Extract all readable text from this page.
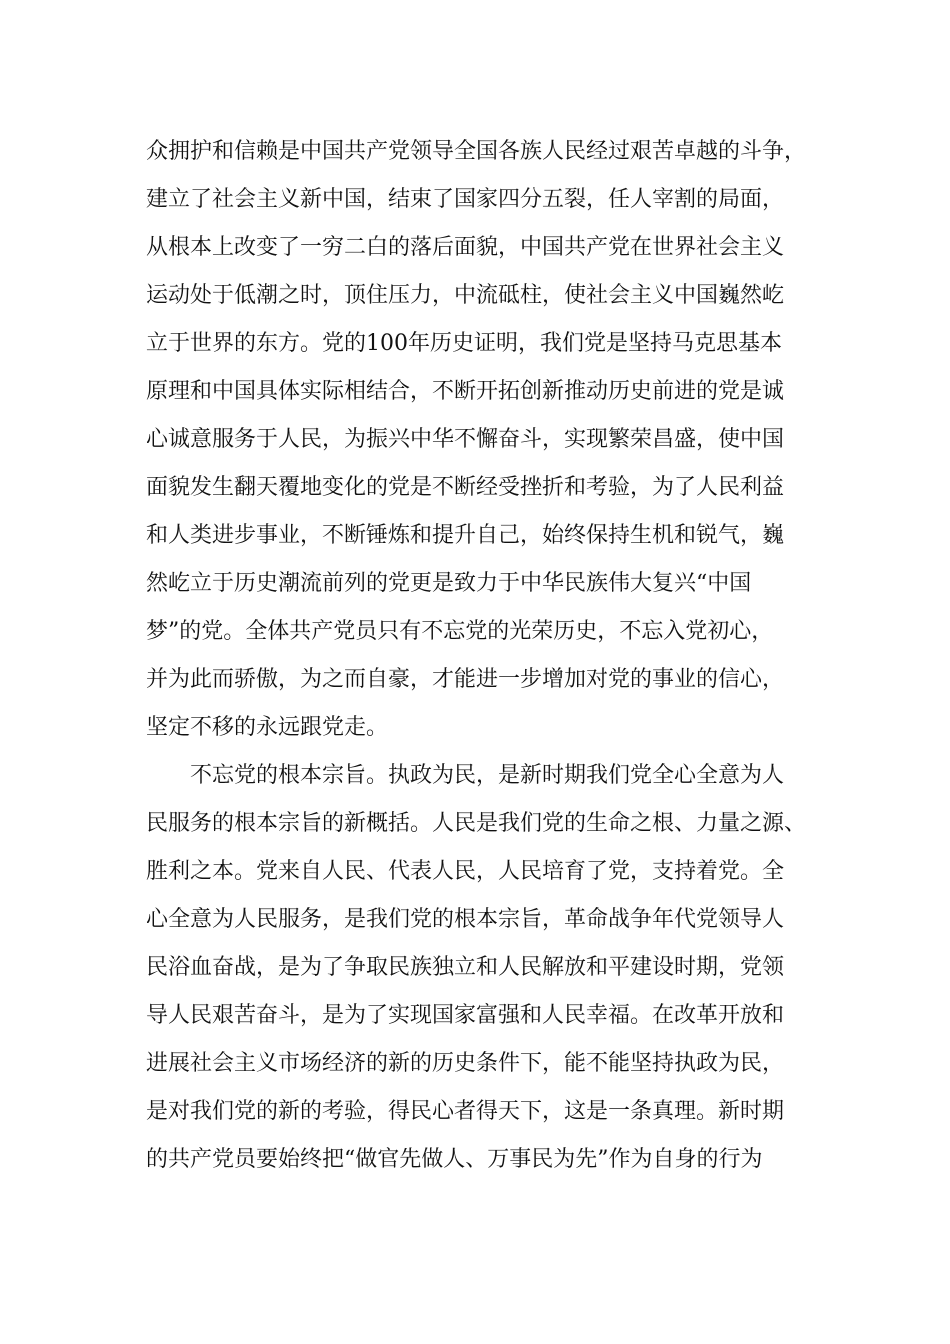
众拥护和信赖是中国共产党领导全国各族人民经过艰苦卓越的斗争，
建立了社会主义新中国，结束了国家四分五裂，任人宰割的局面，
从根本上改变了一穷二白的落后面貌，中国共产党在世界社会主义
运动处于低潮之时，顶住压力，中流砥柱，使社会主义中国巍然屹
立于世界的东方。党的100年历史证明，我们党是坚持马克思基本
原理和中国具体实际相结合，不断开拓创新推动历史前进的党是诚
心诚意服务于人民，为振兴中华不懈奋斗，实现繁荣昌盛，使中国
面貌发生翻天覆地变化的党是不断经受挫折和考验，为了人民利益
和人类进步事业，不断锤炼和提升自己，始终保持生机和锐气，巍
然屹立于历史潮流前列的党更是致力于中华民族伟大复兴“中国
梦”的党。全体共产党员只有不忘党的光荣历史，不忘入党初心，
并为此而骄傲，为之而自豪，才能进一步增加对党的事业的信心，
坚定不移的永远跟党走。
不忘党的根本宗旨。执政为民，是新时期我们党全心全意为人
民服务的根本宗旨的新概括。人民是我们党的生命之根、力量之源、
胜利之本。党来自人民、代表人民，人民培育了党，支持着党。全
心全意为人民服务，是我们党的根本宗旨，革命战争年代党领导人
民浴血奋战，是为了争取民族独立和人民解放和平建设时期，党领
导人民艰苦奋斗，是为了实现国家富强和人民幸福。在改革开放和
进展社会主义市场经济的新的历史条件下，能不能坚持执政为民，
是对我们党的新的考验，得民心者得天下，这是一条真理。新时期
的共产党员要始终把“做官先做人、万事民为先”作为自身的行为
